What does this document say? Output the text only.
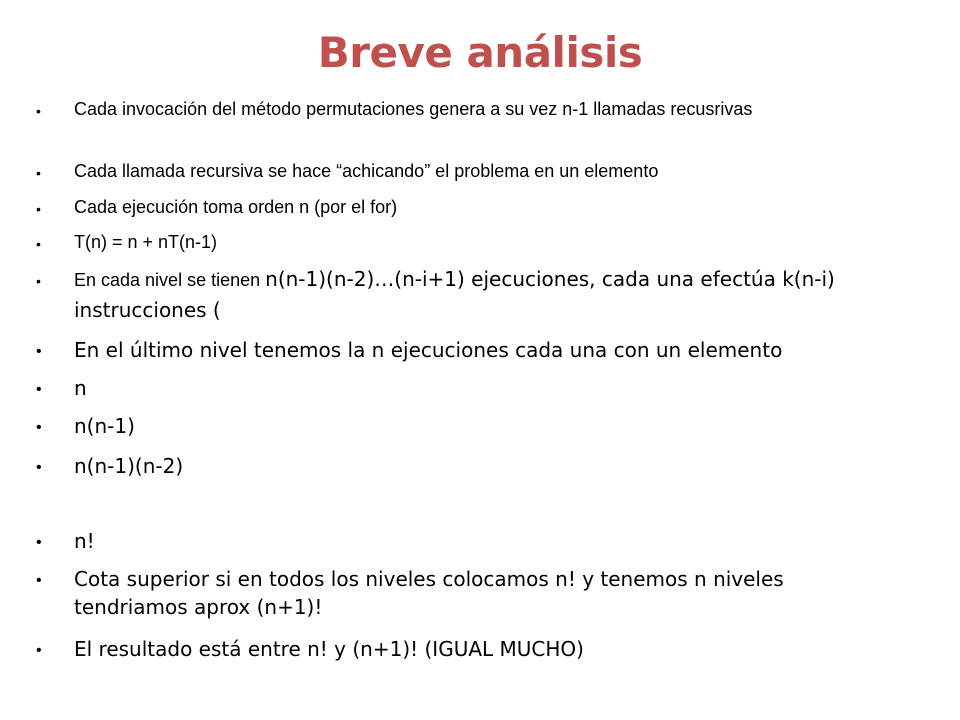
Breve análisis
• Cada invocación del método permutaciones genera a su vez n-1 llamadas recusrivas
• Cada llamada recursiva se hace “achicando” el problema en un elemento
• Cada ejecución toma orden n (por el for)
• T(n) = n + nT(n-1)
• En cada nivel se tienen n(n-1)(n-2)…(n-i+1) ejecuciones, cada una efectúa k(n-i) instrucciones (
• En el último nivel tenemos la n ejecuciones cada una con un elemento
• n
• n(n-1)
• n(n-1)(n-2)
• n!
• Cota superior si en todos los niveles colocamos n! y tenemos n niveles tendriamos aprox (n+1)!
• El resultado está entre n! y (n+1)! (IGUAL MUCHO)
